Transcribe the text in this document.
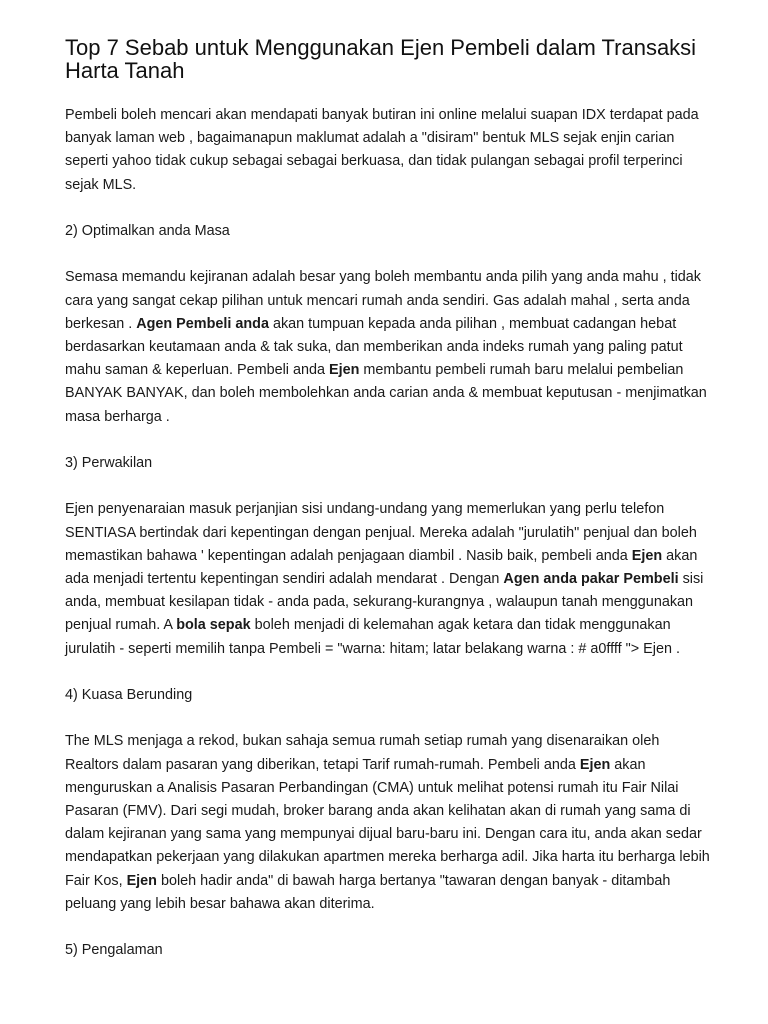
Top 7 Sebab untuk Menggunakan Ejen Pembeli dalam Transaksi Harta Tanah

Pembeli boleh mencari akan mendapati banyak butiran ini online melalui suapan IDX terdapat pada banyak laman web , bagaimanapun maklumat adalah a "disiram" bentuk MLS sejak enjin carian seperti yahoo tidak cukup sebagai sebagai berkuasa, dan tidak pulangan sebagai profil terperinci sejak MLS.

2) Optimalkan anda Masa

Semasa memandu kejiranan adalah besar yang boleh membantu anda pilih yang anda mahu , tidak cara yang sangat cekap pilihan untuk mencari rumah anda sendiri. Gas adalah mahal , serta anda berkesan . Agen Pembeli anda akan tumpuan kepada anda pilihan , membuat cadangan hebat berdasarkan keutamaan anda & tak suka, dan memberikan anda indeks rumah yang paling patut mahu saman & keperluan. Pembeli anda Ejen membantu pembeli rumah baru melalui pembelian BANYAK BANYAK, dan boleh membolehkan anda carian anda & membuat keputusan - menjimatkan masa berharga .

3) Perwakilan

Ejen penyenaraian masuk perjanjian sisi undang-undang yang memerlukan yang perlu telefon SENTIASA bertindak dari kepentingan dengan penjual. Mereka adalah "jurulatih" penjual dan boleh memastikan bahawa ' kepentingan adalah penjagaan diambil . Nasib baik, pembeli anda Ejen akan ada menjadi tertentu kepentingan sendiri adalah mendarat . Dengan Agen anda pakar Pembeli sisi anda, membuat kesilapan tidak - anda pada, sekurang-kurangnya , walaupun tanah menggunakan penjual rumah. A bola sepak boleh menjadi di kelemahan agak ketara dan tidak menggunakan jurulatih - seperti memilih tanpa Pembeli = "warna: hitam; latar belakang warna : # a0ffff "> Ejen .

4) Kuasa Berunding

The MLS menjaga a rekod, bukan sahaja semua rumah setiap rumah yang disenaraikan oleh Realtors dalam pasaran yang diberikan, tetapi Tarif rumah-rumah. Pembeli anda Ejen akan menguruskan a Analisis Pasaran Perbandingan (CMA) untuk melihat potensi rumah itu Fair Nilai Pasaran (FMV). Dari segi mudah, broker barang anda akan kelihatan akan di rumah yang sama di dalam kejiranan yang sama yang mempunyai dijual baru-baru ini. Dengan cara itu, anda akan sedar mendapatkan pekerjaan yang dilakukan apartmen mereka berharga adil. Jika harta itu berharga lebih Fair Kos, Ejen boleh hadir anda" di bawah harga bertanya "tawaran dengan banyak - ditambah peluang yang lebih besar bahawa akan diterima.

5) Pengalaman
